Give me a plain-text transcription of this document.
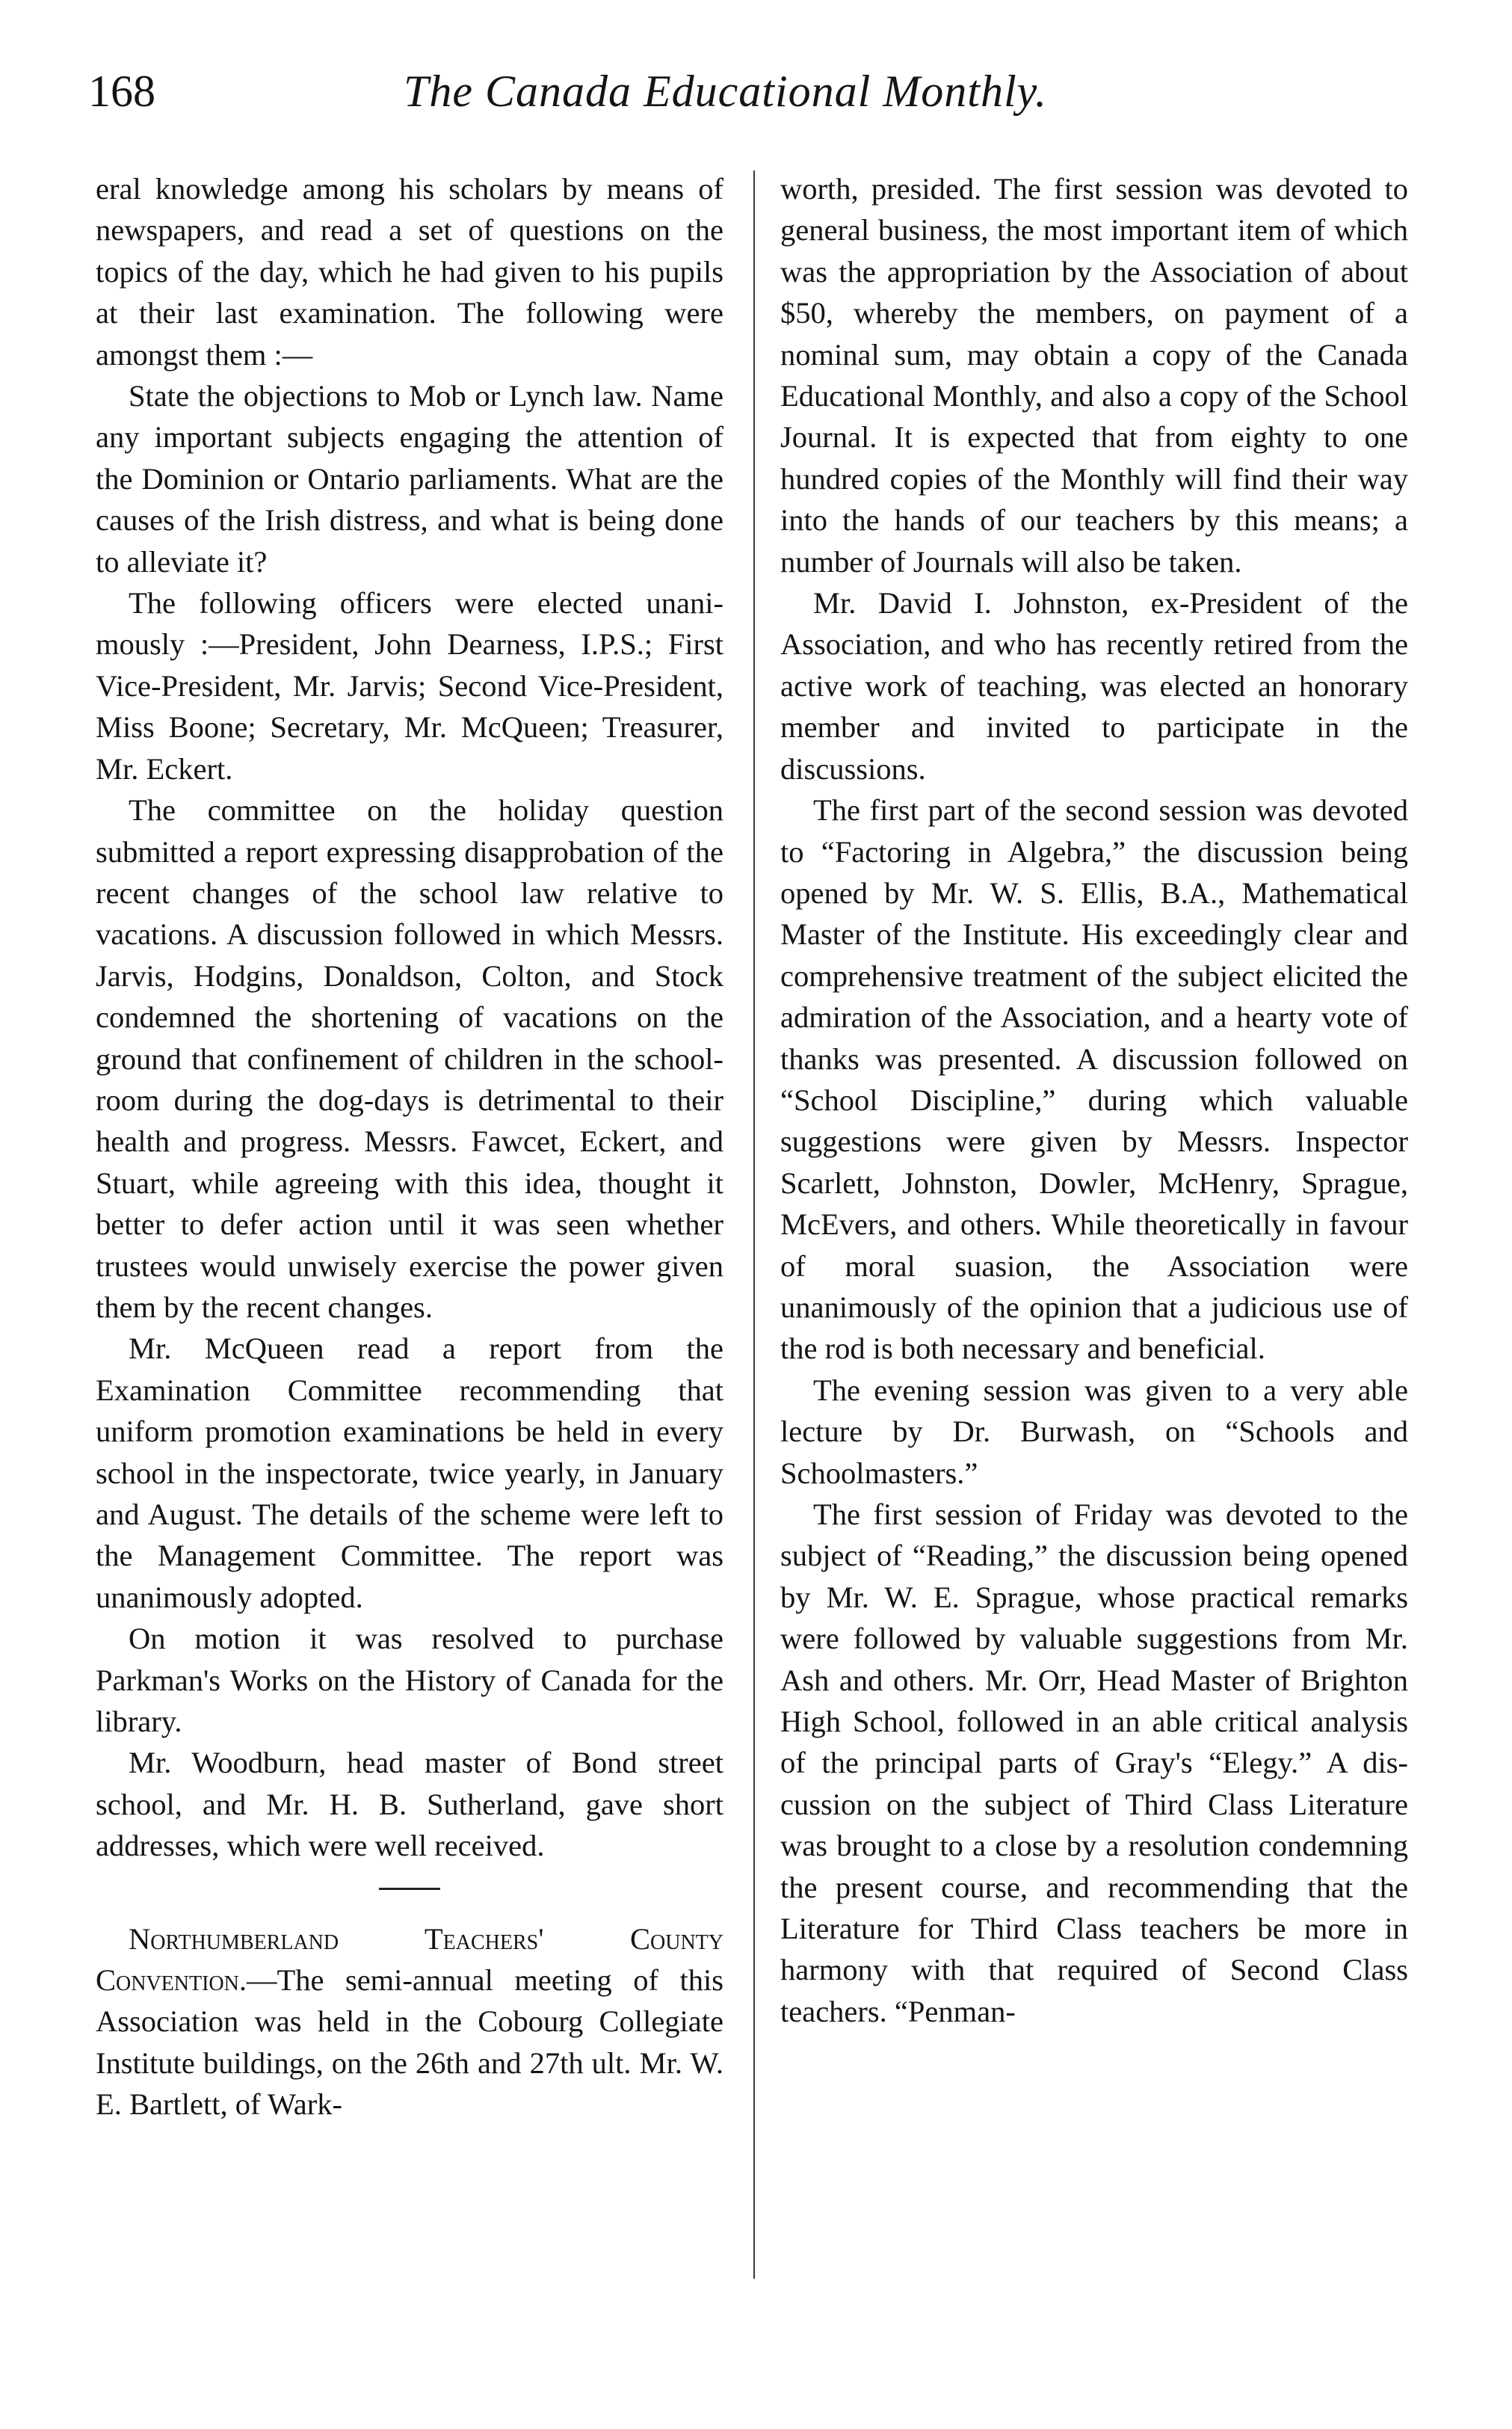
168	The Canada Educational Monthly.

eral knowledge among his scholars by means of newspapers, and read a set of questions on the topics of the day, which he had given to his pupils at their last examination. The following were amongst them :—

State the objections to Mob or Lynch law. Name any important subjects engaging the attention of the Dominion or Ontario parliaments. What are the causes of the Irish distress, and what is being done to alleviate it?

The following officers were elected unanimously :—President, John Dearness, I.P.S.; First Vice-President, Mr. Jarvis; Second Vice-President, Miss Boone; Secretary, Mr. McQueen; Treasurer, Mr. Eckert.

The committee on the holiday question submitted a report expressing disapprobation of the recent changes of the school law relative to vacations. A discussion followed in which Messrs. Jarvis, Hodgins, Donaldson, Colton, and Stock condemned the shortening of vacations on the ground that confinement of children in the school-room during the dog-days is detrimental to their health and progress. Messrs. Fawcet, Eckert, and Stuart, while agreeing with this idea, thought it better to defer action until it was seen whether trustees would unwisely exercise the power given them by the recent changes.

Mr. McQueen read a report from the Examination Committee recommending that uniform promotion examinations be held in every school in the inspectorate, twice yearly, in January and August. The details of the scheme were left to the Management Committee. The report was unanimously adopted.

On motion it was resolved to purchase Parkman's Works on the History of Canada for the library.

Mr. Woodburn, head master of Bond street school, and Mr. H. B. Sutherland, gave short addresses, which were well received.

Northumberland Teachers' County Convention.—The semi-annual meeting of this Association was held in the Cobourg Collegiate Institute buildings, on the 26th and 27th ult. Mr. W. E. Bartlett, of Wark-

worth, presided. The first session was devoted to general business, the most important item of which was the appropriation by the Association of about $50, whereby the members, on payment of a nominal sum, may obtain a copy of the Canada Educational Monthly, and also a copy of the School Journal. It is expected that from eighty to one hundred copies of the Monthly will find their way into the hands of our teachers by this means; a number of Journals will also be taken.

Mr. David I. Johnston, ex-President of the Association, and who has recently retired from the active work of teaching, was elected an honorary member and invited to participate in the discussions.

The first part of the second session was devoted to “Factoring in Algebra,” the discussion being opened by Mr. W. S. Ellis, B.A., Mathematical Master of the Institute. His exceedingly clear and comprehensive treatment of the subject elicited the admiration of the Association, and a hearty vote of thanks was presented. A discussion followed on “School Discipline,” during which valuable suggestions were given by Messrs. Inspector Scarlett, Johnston, Dowler, McHenry, Sprague, McEvers, and others. While theoretically in favour of moral suasion, the Association were unanimously of the opinion that a judicious use of the rod is both necessary and beneficial.

The evening session was given to a very able lecture by Dr. Burwash, on “Schools and Schoolmasters.”

The first session of Friday was devoted to the subject of “Reading,” the discussion being opened by Mr. W. E. Sprague, whose practical remarks were followed by valuable suggestions from Mr. Ash and others. Mr. Orr, Head Master of Brighton High School, followed in an able critical analysis of the principal parts of Gray's “Elegy.” A discussion on the subject of Third Class Literature was brought to a close by a resolution condemning the present course, and recommending that the Literature for Third Class teachers be more in harmony with that required of Second Class teachers. “Penman-
